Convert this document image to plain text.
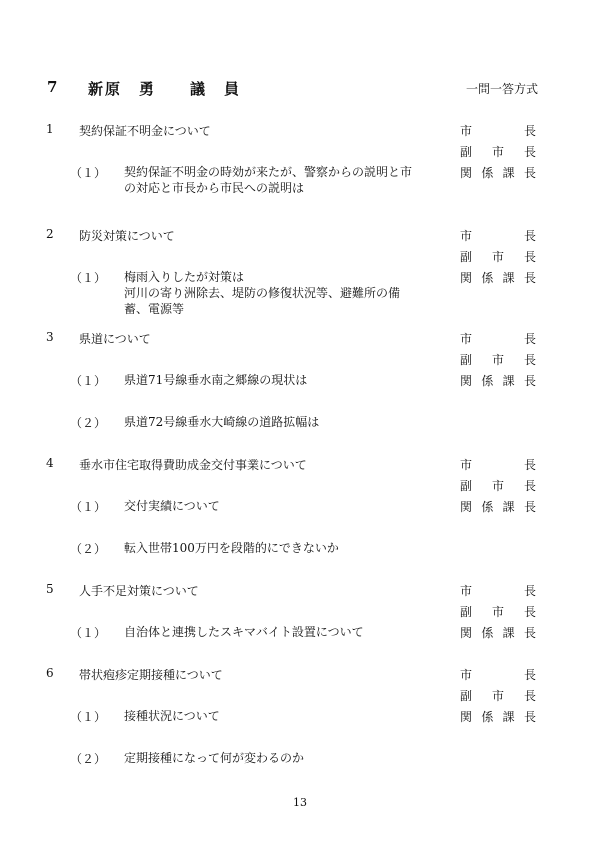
7 新原　勇　　議　員	一問一答方式
1 契約保証不明金について	市長
副市長
関係課長
（１） 契約保証不明金の時効が来たが、警察からの説明と市
の対応と市長から市民への説明は
2 防災対策について	市長
副市長
関係課長
（１） 梅雨入りしたが対策は
河川の寄り洲除去、堤防の修復状況等、避難所の備
蓄、電源等
3 県道について	市長
副市長
関係課長
（１） 県道71号線垂水南之郷線の現状は
（２） 県道72号線垂水大崎線の道路拡幅は
4 垂水市住宅取得費助成金交付事業について	市長
副市長
関係課長
（１） 交付実績について
（２） 転入世帯100万円を段階的にできないか
5 人手不足対策について	市長
副市長
関係課長
（１） 自治体と連携したスキマバイト設置について
6 帯状疱疹定期接種について	市長
副市長
関係課長
（１） 接種状況について
（２） 定期接種になって何が変わるのか
13
